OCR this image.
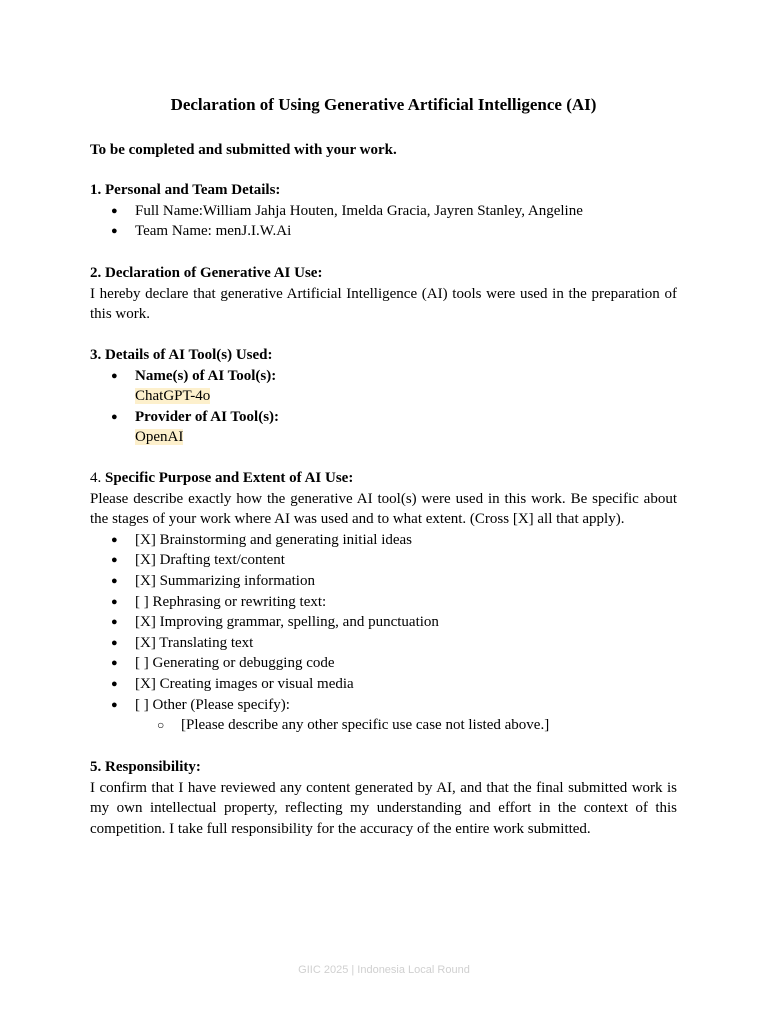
Declaration of Using Generative Artificial Intelligence (AI)
To be completed and submitted with your work.
1. Personal and Team Details:
● Full Name:William Jahja Houten, Imelda Gracia, Jayren Stanley, Angeline
● Team Name: menJ.I.W.Ai
2. Declaration of Generative AI Use:
I hereby declare that generative Artificial Intelligence (AI) tools were used in the preparation of this work.
3. Details of AI Tool(s) Used:
● Name(s) of AI Tool(s):
ChatGPT-4o
● Provider of AI Tool(s):
OpenAI
4. Specific Purpose and Extent of AI Use:
Please describe exactly how the generative AI tool(s) were used in this work. Be specific about the stages of your work where AI was used and to what extent. (Cross [X] all that apply).
● [X] Brainstorming and generating initial ideas
● [X] Drafting text/content
● [X] Summarizing information
● [ ] Rephrasing or rewriting text:
● [X] Improving grammar, spelling, and punctuation
● [X] Translating text
● [ ] Generating or debugging code
● [X] Creating images or visual media
● [ ] Other (Please specify):
○ [Please describe any other specific use case not listed above.]
5. Responsibility:
I confirm that I have reviewed any content generated by AI, and that the final submitted work is my own intellectual property, reflecting my understanding and effort in the context of this competition. I take full responsibility for the accuracy of the entire work submitted.
GIIC 2025 | Indonesia Local Round
